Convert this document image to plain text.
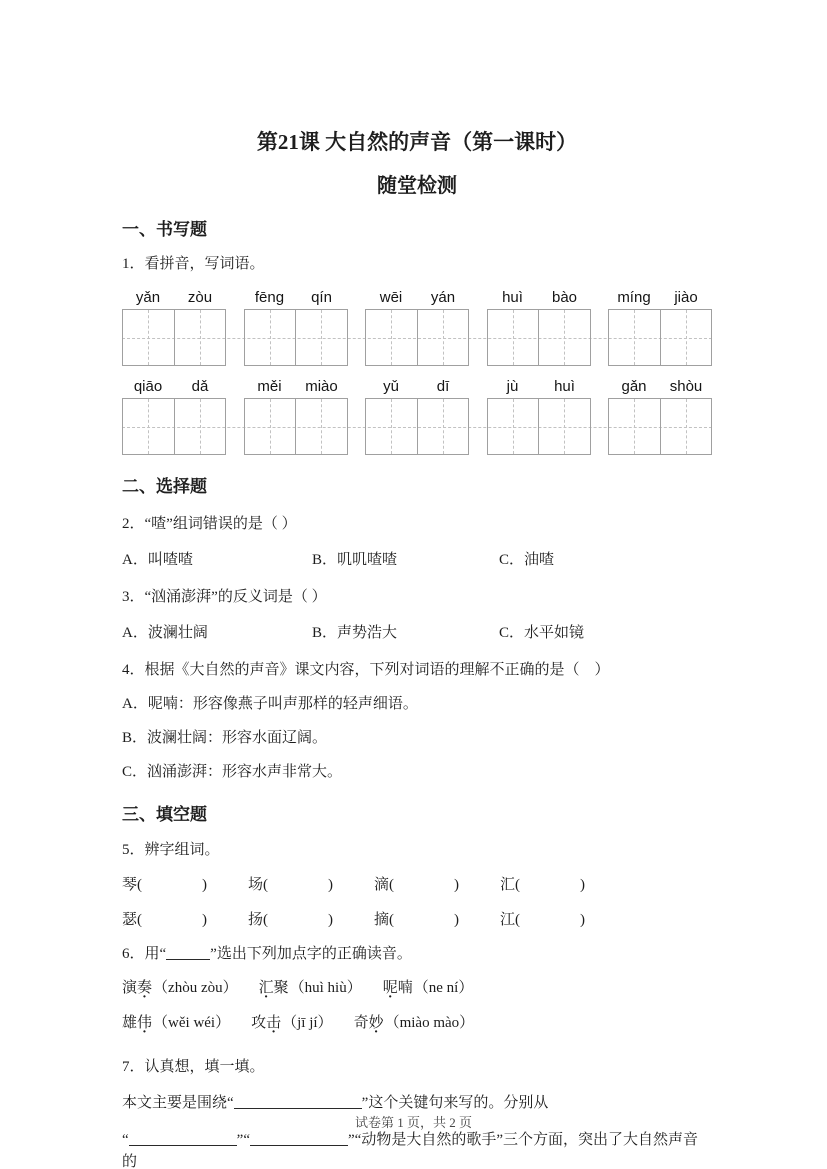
第21课 大自然的声音（第一课时）
随堂检测
一、书写题

1．看拼音，写词语。

yǎn	zòu	fēng	qín	wēi	yán	huì	bào	míng	jiào
qiāo	dǎ	měi	miào	yǔ	dī	jù	huì	gǎn	shòu
二、选择题

2．“喳”组词错误的是（ ）

A．叫喳喳	B．叽叽喳喳	C．油喳

3．“汹涌澎湃”的反义词是（ ）

A．波澜壮阔	B．声势浩大	C．水平如镜

4．根据《大自然的声音》课文内容，下列对词语的理解不正确的是（　）

A．呢喃：形容像燕子叫声那样的轻声细语。
B．波澜壮阔：形容水面辽阔。
C．汹涌澎湃：形容水声非常大。
三、填空题

5．辨字组词。

琴(　　　　)	场(　　　　)	滴(　　　　)	汇(　　　　)
瑟(　　　　)	扬(　　　　)	摘(　　　　)	江(　　　　)

6．用“	”选出下列加点字的正确读音。

演奏（zhòu zòu） 汇聚（huì hiù） 呢喃（ne ní）
雄伟（wěi wéi） 攻击（jī jí） 奇妙（miào mào）

7．认真想，填一填。

本文主要是围绕“	”这个关键句来写的。分别从

“	”“	”“动物是大自然的歌手”三个方面，突出了大自然声音的

试卷第 1 页，共 2 页
